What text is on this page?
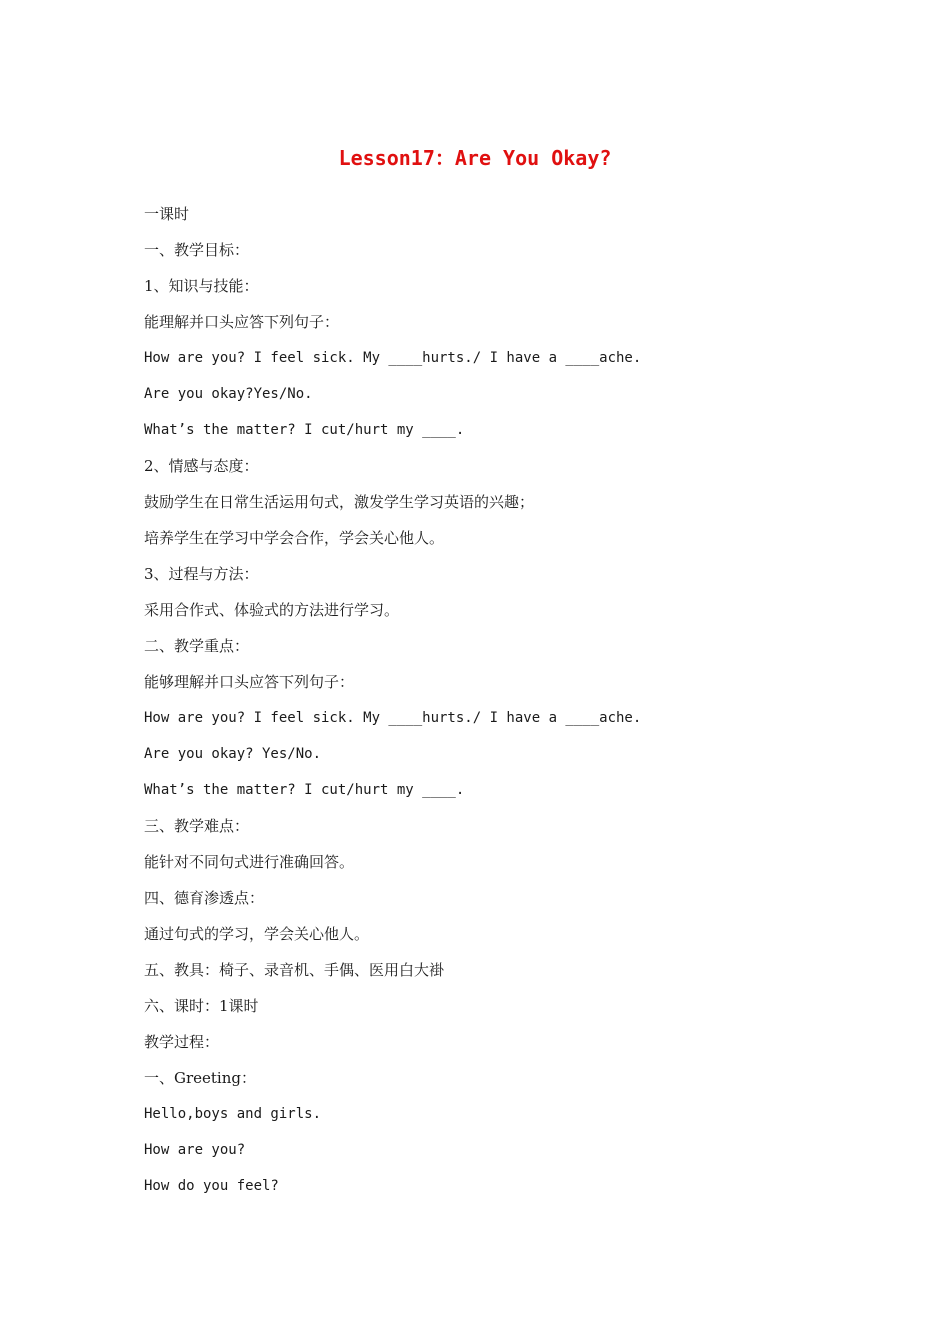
Lesson17：Are You Okay?
一课时
一、教学目标：
1、知识与技能：
能理解并口头应答下列句子：
How are you? I feel sick. My ____hurts./ I have a ____ache.
Are you okay?Yes/No.
What’s the matter? I cut/hurt my ____.
2、情感与态度：
鼓励学生在日常生活运用句式，激发学生学习英语的兴趣；
培养学生在学习中学会合作，学会关心他人。
3、过程与方法：
采用合作式、体验式的方法进行学习。
二、教学重点：
能够理解并口头应答下列句子：
How are you? I feel sick. My ____hurts./ I have a ____ache.
Are you okay? Yes/No.
What’s the matter? I cut/hurt my ____.
三、教学难点：
能针对不同句式进行准确回答。
四、德育渗透点：
通过句式的学习，学会关心他人。
五、教具：椅子、录音机、手偶、医用白大褂
六、课时：1课时
教学过程：
一、Greeting：
Hello,boys and girls.
How are you?
How do you feel?
